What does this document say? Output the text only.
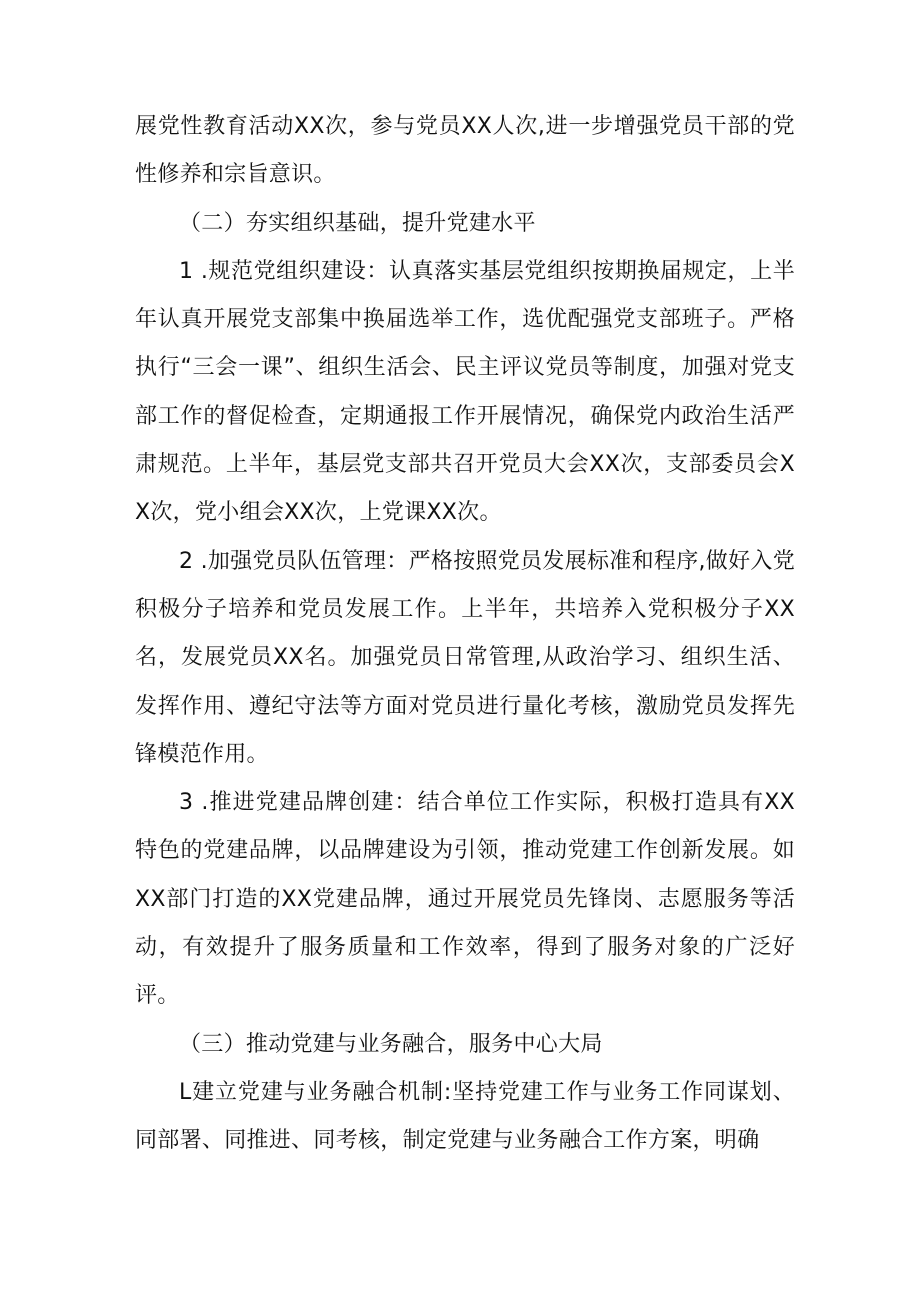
展党性教育活动XX次，参与党员XX人次,进一步增强党员干部的党性修养和宗旨意识。

（二）夯实组织基础，提升党建水平

1 .规范党组织建设：认真落实基层党组织按期换届规定，上半年认真开展党支部集中换届选举工作，选优配强党支部班子。严格执行“三会一课”、组织生活会、民主评议党员等制度，加强对党支部工作的督促检查，定期通报工作开展情况，确保党内政治生活严肃规范。上半年，基层党支部共召开党员大会XX次，支部委员会XX次，党小组会XX次，上党课XX次。

2 .加强党员队伍管理：严格按照党员发展标准和程序,做好入党积极分子培养和党员发展工作。上半年，共培养入党积极分子XX名，发展党员XX名。加强党员日常管理,从政治学习、组织生活、发挥作用、遵纪守法等方面对党员进行量化考核，激励党员发挥先锋模范作用。

3 .推进党建品牌创建：结合单位工作实际，积极打造具有XX特色的党建品牌，以品牌建设为引领，推动党建工作创新发展。如XX部门打造的XX党建品牌，通过开展党员先锋岗、志愿服务等活动，有效提升了服务质量和工作效率，得到了服务对象的广泛好评。

（三）推动党建与业务融合，服务中心大局

L建立党建与业务融合机制:坚持党建工作与业务工作同谋划、同部署、同推进、同考核，制定党建与业务融合工作方案，明确
